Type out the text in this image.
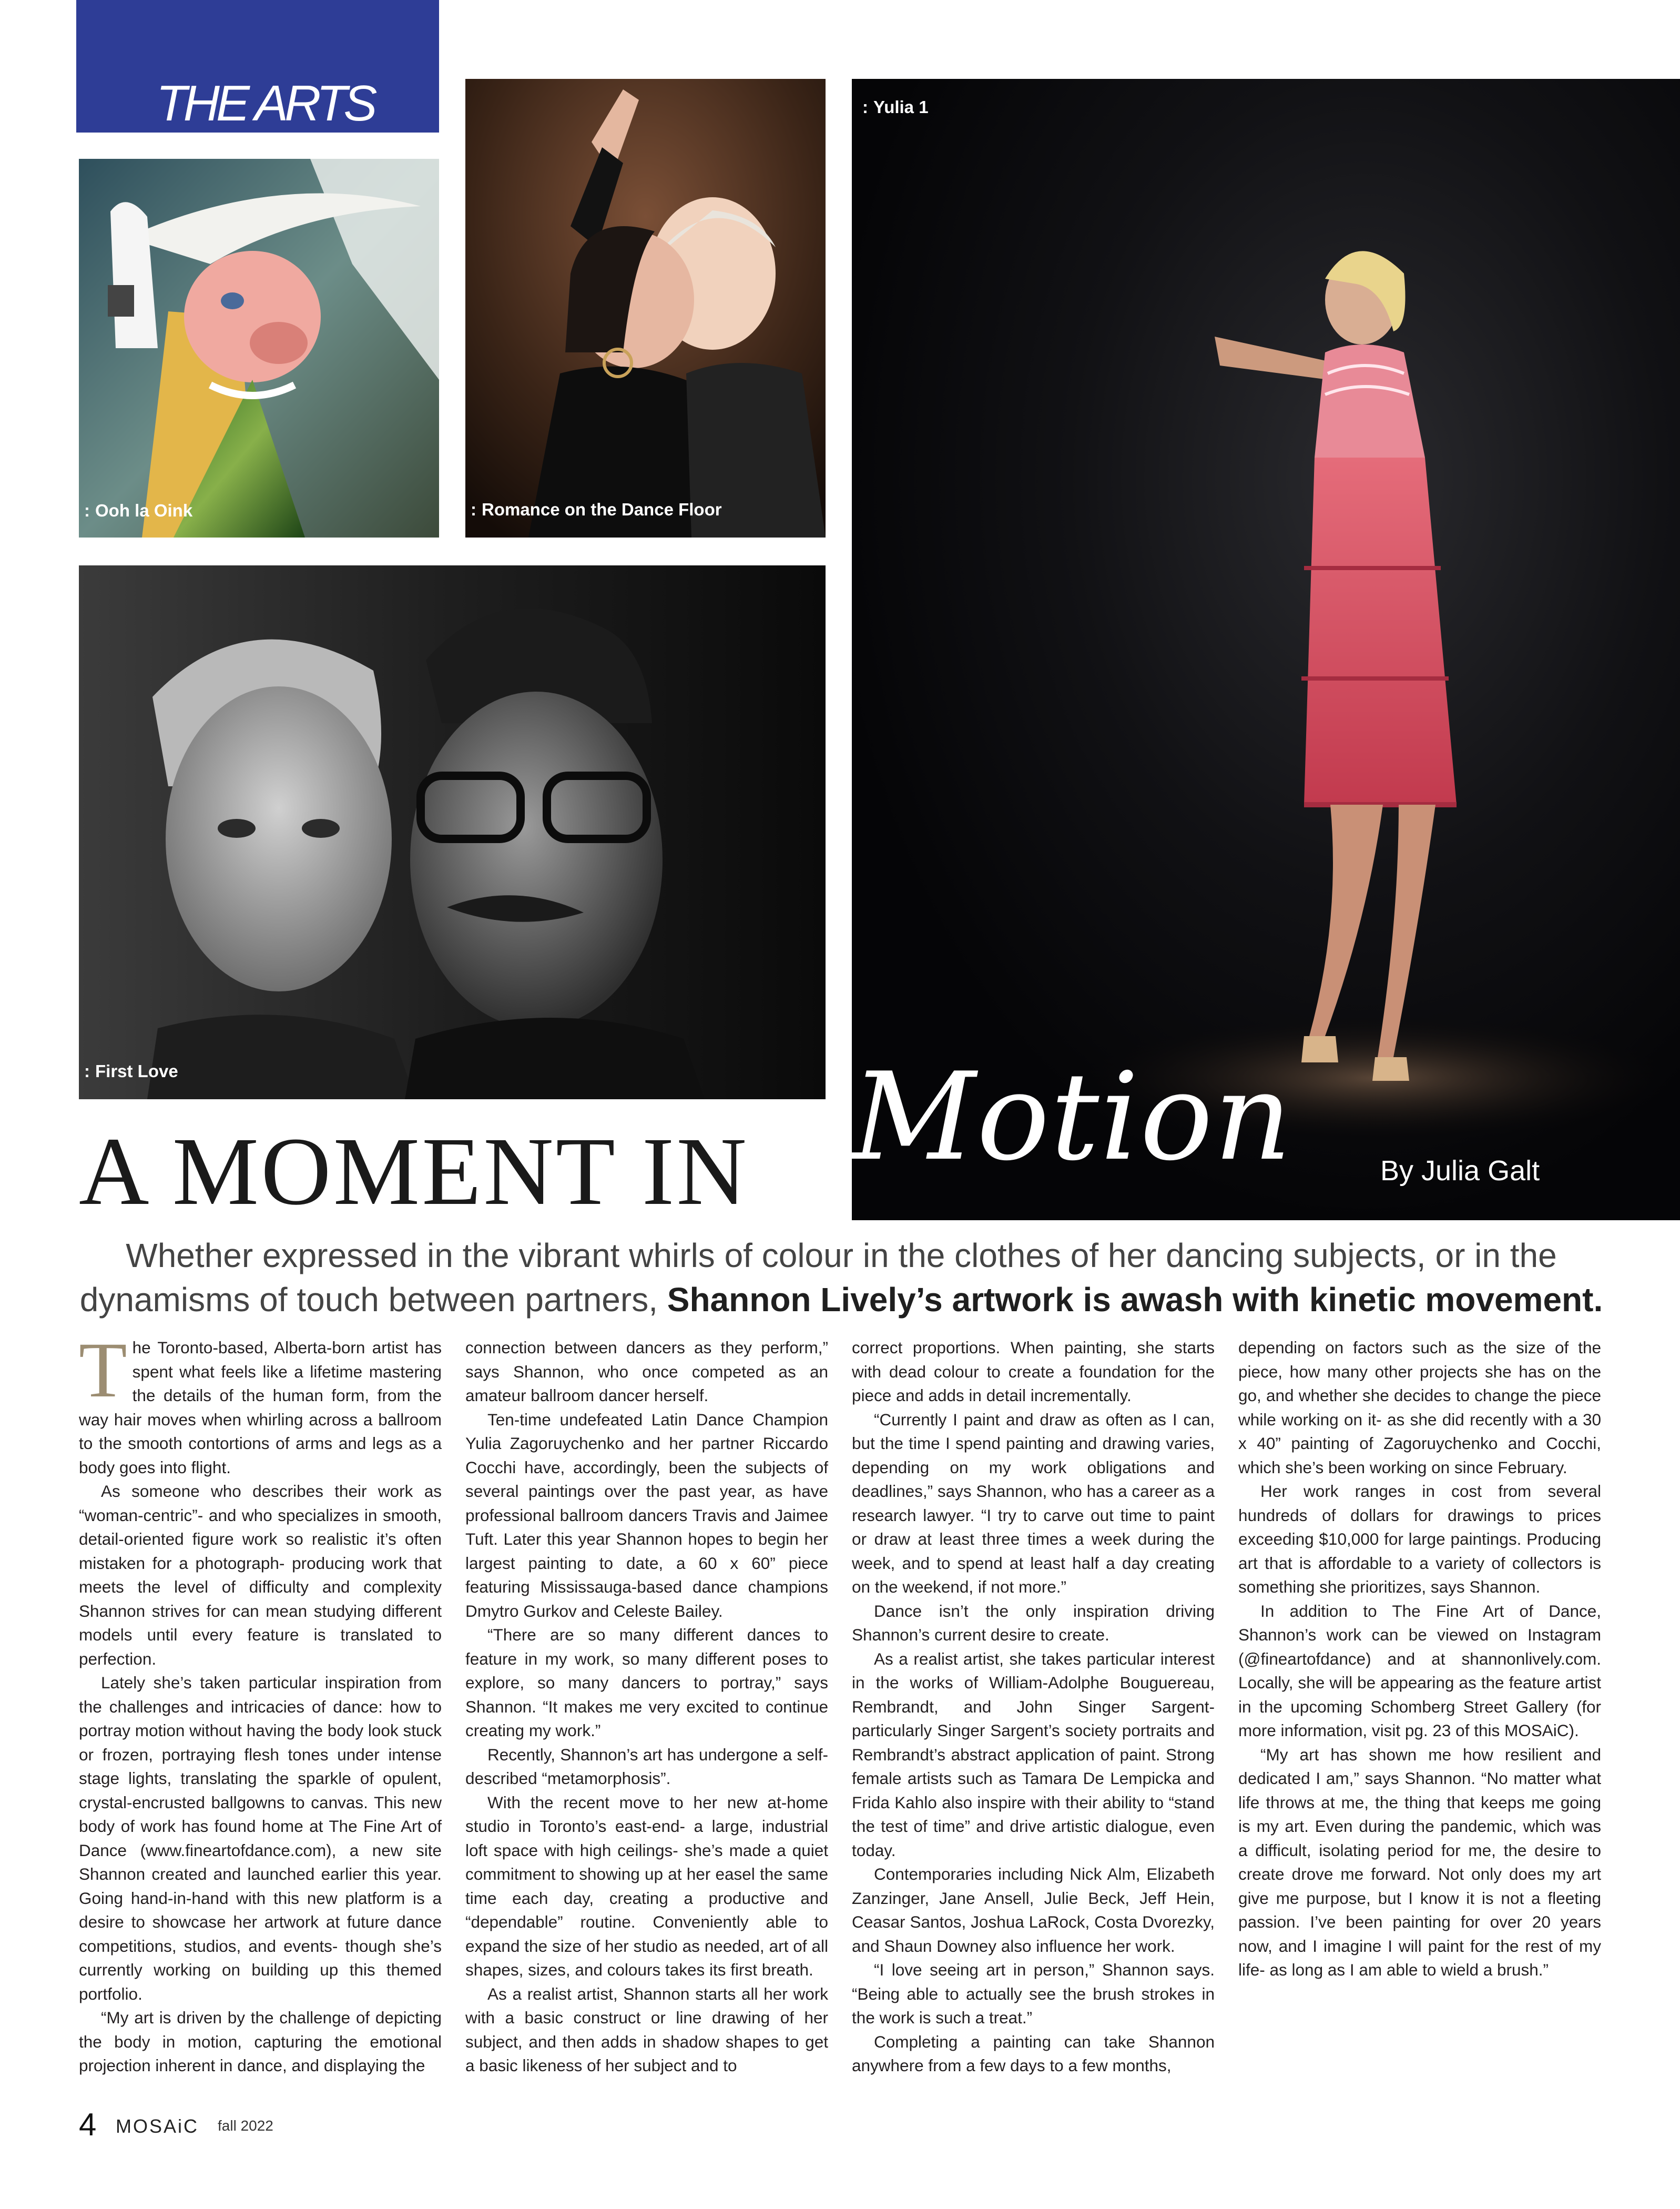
THE ARTS
: Ooh la Oink	: Romance on the Dance Floor
: First Love
: Yulia 1
A MOMENT IN Motion	By Julia Galt
Whether expressed in the vibrant whirls of colour in the clothes of her dancing subjects, or in the dynamisms of touch between partners, Shannon Lively’s artwork is awash with kinetic movement.

The Toronto-based, Alberta-born artist has spent what feels like a lifetime mastering the details of the human form, from the way hair moves when whirling across a ballroom to the smooth contortions of arms and legs as a body goes into flight.

As someone who describes their work as “woman-centric”- and who specializes in smooth, detail-oriented figure work so realistic it’s often mistaken for a photograph- producing work that meets the level of difficulty and complexity Shannon strives for can mean studying different models until every feature is translated to perfection.

Lately she’s taken particular inspiration from the challenges and intricacies of dance: how to portray motion without having the body look stuck or frozen, portraying flesh tones under intense stage lights, translating the sparkle of opulent, crystal-encrusted ballgowns to canvas. This new body of work has found home at The Fine Art of Dance (www.fineartofdance.com), a new site Shannon created and launched earlier this year. Going hand-in-hand with this new platform is a desire to showcase her artwork at future dance competitions, studios, and events- though she’s currently working on building up this themed portfolio.

“My art is driven by the challenge of depicting the body in motion, capturing the emotional projection inherent in dance, and displaying the

connection between dancers as they perform,” says Shannon, who once competed as an amateur ballroom dancer herself.

Ten-time undefeated Latin Dance Champion Yulia Zagoruychenko and her partner Riccardo Cocchi have, accordingly, been the subjects of several paintings over the past year, as have professional ballroom dancers Travis and Jaimee Tuft. Later this year Shannon hopes to begin her largest painting to date, a 60 x 60” piece featuring Mississauga-based dance champions Dmytro Gurkov and Celeste Bailey.

“There are so many different dances to feature in my work, so many different poses to explore, so many dancers to portray,” says Shannon. “It makes me very excited to continue creating my work.”

Recently, Shannon’s art has undergone a self-described “metamorphosis”.

With the recent move to her new at-home studio in Toronto’s east-end- a large, industrial loft space with high ceilings- she’s made a quiet commitment to showing up at her easel the same time each day, creating a productive and “dependable” routine. Conveniently able to expand the size of her studio as needed, art of all shapes, sizes, and colours takes its first breath.

As a realist artist, Shannon starts all her work with a basic construct or line drawing of her subject, and then adds in shadow shapes to get a basic likeness of her subject and to

correct proportions. When painting, she starts with dead colour to create a foundation for the piece and adds in detail incrementally.

“Currently I paint and draw as often as I can, but the time I spend painting and drawing varies, depending on my work obligations and deadlines,” says Shannon, who has a career as a research lawyer. “I try to carve out time to paint or draw at least three times a week during the week, and to spend at least half a day creating on the weekend, if not more.”

Dance isn’t the only inspiration driving Shannon’s current desire to create.

As a realist artist, she takes particular interest in the works of William-Adolphe Bouguereau, Rembrandt, and John Singer Sargent- particularly Singer Sargent’s society portraits and Rembrandt’s abstract application of paint. Strong female artists such as Tamara De Lempicka and Frida Kahlo also inspire with their ability to “stand the test of time” and drive artistic dialogue, even today.

Contemporaries including Nick Alm, Elizabeth Zanzinger, Jane Ansell, Julie Beck, Jeff Hein, Ceasar Santos, Joshua LaRock, Costa Dvorezky, and Shaun Downey also influence her work.

“I love seeing art in person,” Shannon says. “Being able to actually see the brush strokes in the work is such a treat.”

Completing a painting can take Shannon anywhere from a few days to a few months,

depending on factors such as the size of the piece, how many other projects she has on the go, and whether she decides to change the piece while working on it- as she did recently with a 30 x 40” painting of Zagoruychenko and Cocchi, which she’s been working on since February.

Her work ranges in cost from several hundreds of dollars for drawings to prices exceeding $10,000 for large paintings. Producing art that is affordable to a variety of collectors is something she prioritizes, says Shannon.

In addition to The Fine Art of Dance, Shannon’s work can be viewed on Instagram (@fineartofdance) and at shannonlively.com. Locally, she will be appearing as the feature artist in the upcoming Schomberg Street Gallery (for more information, visit pg. 23 of this MOSAiC).

“My art has shown me how resilient and dedicated I am,” says Shannon. “No matter what life throws at me, the thing that keeps me going is my art. Even during the pandemic, which was a difficult, isolating period for me, the desire to create drove me forward. Not only does my art give me purpose, but I know it is not a fleeting passion. I’ve been painting for over 20 years now, and I imagine I will paint for the rest of my life- as long as I am able to wield a brush.”

4 MOSAiC fall 2022
